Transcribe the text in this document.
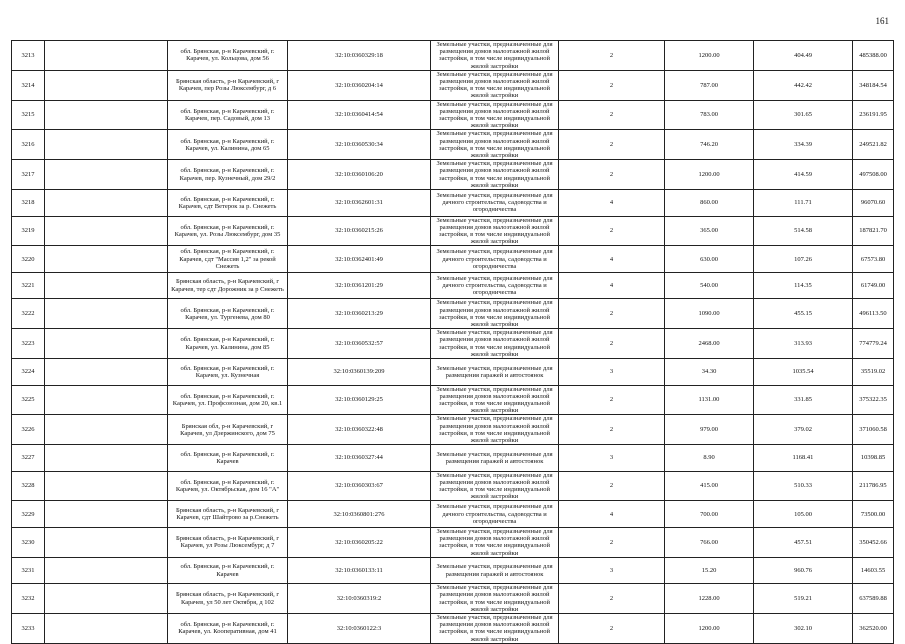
161
3213		обл. Брянская, р-н Карачевский, г. Карачев, ул. Кольцова, дом 56	32:10:0360329:18	Земельные участки, предназначенные для размещения домов малоэтажной жилой застройки, в том числе индивидуальной жилой застройки	2	1200.00	404.49	485388.00
3214		Брянская область, р-н Карачевский, г Карачев, пер Розы Люксембург, д 6	32:10:0360204:14	Земельные участки, предназначенные для размещения домов малоэтажной жилой застройки, в том числе индивидуальной жилой застройки	2	787.00	442.42	348184.54
3215		обл. Брянская, р-н Карачевский, г. Карачев, пер. Садовый, дом 13	32:10:0360414:54	Земельные участки, предназначенные для размещения домов малоэтажной жилой застройки, в том числе индивидуальной жилой застройки	2	783.00	301.65	236191.95
3216		обл. Брянская, р-н Карачевский, г. Карачев, ул. Калинина, дом 65	32:10:0360530:34	Земельные участки, предназначенные для размещения домов малоэтажной жилой застройки, в том числе индивидуальной жилой застройки	2	746.20	334.39	249521.82
3217		обл. Брянская, р-н Карачевский, г. Карачев, пер. Кузнечный, дом 29/2	32:10:0360106:20	Земельные участки, предназначенные для размещения домов малоэтажной жилой застройки, в том числе индивидуальной жилой застройки	2	1200.00	414.59	497508.00
3218		обл. Брянская, р-н Карачевский, г. Карачев, сдт Ветерок за р. Снежеть	32:10:0362601:31	Земельные участки, предназначенные для дачного строительства, садоводства и огородничества	4	860.00	111.71	96070.60
3219		обл. Брянская, р-н Карачевский, г. Карачев, ул. Розы Люксембург, дом 35	32:10:0360215:26	Земельные участки, предназначенные для размещения домов малоэтажной жилой застройки, в том числе индивидуальной жилой застройки	2	365.00	514.58	187821.70
3220		обл. Брянская, р-н Карачевский, г. Карачев, сдт "Массив 1,2" за рекой Снежеть	32:10:0362401:49	Земельные участки, предназначенные для дачного строительства, садоводства и огородничества	4	630.00	107.26	67573.80
3221		Брянская область, р-н Карачевский, г Карачев, тер сдт Дорожник за р Снежеть	32:10:0361201:29	Земельные участки, предназначенные для дачного строительства, садоводства и огородничества	4	540.00	114.35	61749.00
3222		обл. Брянская, р-н Карачевский, г. Карачев, ул. Тургенева, дом 80	32:10:0360213:29	Земельные участки, предназначенные для размещения домов малоэтажной жилой застройки, в том числе индивидуальной жилой застройки	2	1090.00	455.15	496113.50
3223		обл. Брянская, р-н Карачевский, г. Карачев, ул. Калинина, дом 85	32:10:0360532:57	Земельные участки, предназначенные для размещения домов малоэтажной жилой застройки, в том числе индивидуальной жилой застройки	2	2468.00	313.93	774779.24
3224		обл. Брянская, р-н Карачевский, г. Карачев, ул. Кузнечная	32:10:0360139:209	Земельные участки, предназначенные для размещения гаражей и автостоянок	3	34.30	1035.54	35519.02
3225		обл. Брянская, р-н Карачевский, г. Карачев, ул. Профсоюзная, дом 20, кв.1	32:10:0360129:25	Земельные участки, предназначенные для размещения домов малоэтажной жилой застройки, в том числе индивидуальной жилой застройки	2	1131.00	331.85	375322.35
3226		Брянская обл, р-н Карачевский, г Карачев, ул Дзержинского, дом 75	32:10:0360322:48	Земельные участки, предназначенные для размещения домов малоэтажной жилой застройки, в том числе индивидуальной жилой застройки	2	979.00	379.02	371060.58
3227		обл. Брянская, р-н Карачевский, г. Карачев	32:10:0360327:44	Земельные участки, предназначенные для размещения гаражей и автостоянок	3	8.90	1168.41	10398.85
3228		обл. Брянская, р-н Карачевский, г. Карачев, ул. Октябрьская, дом 16 "А"	32:10:0360303:67	Земельные участки, предназначенные для размещения домов малоэтажной жилой застройки, в том числе индивидуальной жилой застройки	2	415.00	510.33	211786.95
3229		Брянская область, р-н Карачевский, г Карачев, сдт Шайтрово за р.Снежеть	32:10:0360801:276	Земельные участки, предназначенные для дачного строительства, садоводства и огородничества	4	700.00	105.00	73500.00
3230		Брянская область, р-н Карачевский, г Карачев, ул Розы Люксембург, д 7	32:10:0360205:22	Земельные участки, предназначенные для размещения домов малоэтажной жилой застройки, в том числе индивидуальной жилой застройки	2	766.00	457.51	350452.66
3231		обл. Брянская, р-н Карачевский, г. Карачев	32:10:0360133:11	Земельные участки, предназначенные для размещения гаражей и автостоянок	3	15.20	960.76	14603.55
3232		Брянская область, р-н Карачевский, г Карачев, ул 50 лет Октября, д 102	32:10:0360319:2	Земельные участки, предназначенные для размещения домов малоэтажной жилой застройки, в том числе индивидуальной жилой застройки	2	1228.00	519.21	637589.88
3233		обл. Брянская, р-н Карачевский, г. Карачев, ул. Кооперативная, дом 41	32:10:0360122:3	Земельные участки, предназначенные для размещения домов малоэтажной жилой застройки, в том числе индивидуальной жилой застройки	2	1200.00	302.10	362520.00
